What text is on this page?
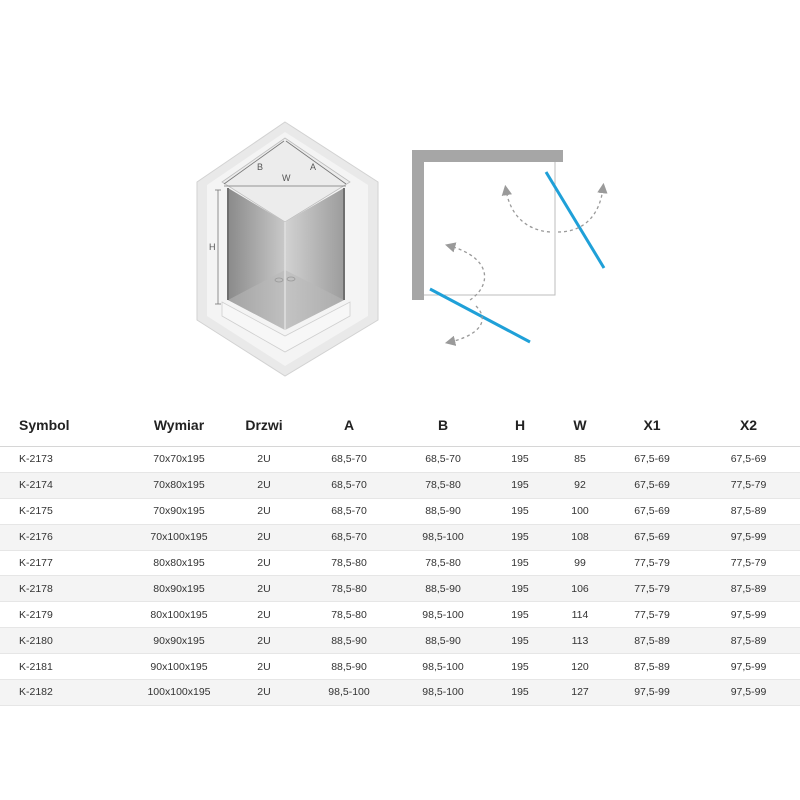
B	A
W
H
Symbol	Wymiar	Drzwi	A	B	H	W	X1	X2
K-2173	70x70x195	2U	68,5-70	68,5-70	195	85	67,5-69	67,5-69
K-2174	70x80x195	2U	68,5-70	78,5-80	195	92	67,5-69	77,5-79
K-2175	70x90x195	2U	68,5-70	88,5-90	195	100	67,5-69	87,5-89
K-2176	70x100x195	2U	68,5-70	98,5-100	195	108	67,5-69	97,5-99
K-2177	80x80x195	2U	78,5-80	78,5-80	195	99	77,5-79	77,5-79
K-2178	80x90x195	2U	78,5-80	88,5-90	195	106	77,5-79	87,5-89
K-2179	80x100x195	2U	78,5-80	98,5-100	195	114	77,5-79	97,5-99
K-2180	90x90x195	2U	88,5-90	88,5-90	195	113	87,5-89	87,5-89
K-2181	90x100x195	2U	88,5-90	98,5-100	195	120	87,5-89	97,5-99
K-2182	100x100x195	2U	98,5-100	98,5-100	195	127	97,5-99	97,5-99
